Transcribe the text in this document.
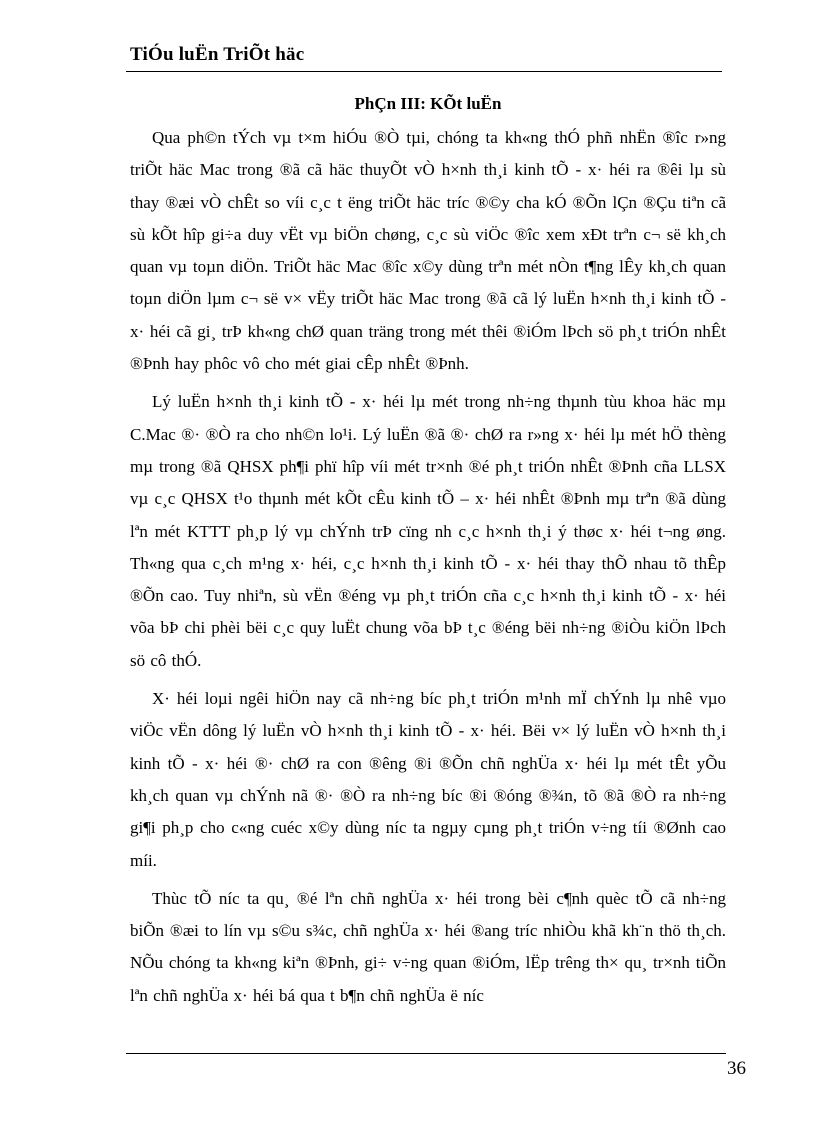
TiÓu luËn TriÕt häc
PhÇn III: KÕt luËn

Qua ph©n tÝch vµ t×m hiÓu ®Ò tµi, chóng ta kh«ng thÓ phñ nhËn ®îc r»ng triÕt häc Mac trong ®ã cã häc thuyÕt vÒ h×nh th¸i kinh tÕ - x· héi ra ®êi lµ sù thay ®æi vÒ chÊt so víi c¸c t ëng triÕt häc tríc ®©y cha kÓ ®Õn lÇn ®Çu tiªn cã sù kÕt hîp gi÷a duy vËt vµ biÖn chøng, c¸c sù viÖc ®îc xem xÐt trªn c¬ së kh¸ch quan vµ toµn diÖn. TriÕt häc Mac ®îc x©y dùng trªn mét nÒn t¶ng lÊy kh¸ch quan toµn diÖn lµm c¬ së v× vËy triÕt häc Mac trong ®ã cã lý luËn h×nh th¸i kinh tÕ - x· héi cã gi¸ trÞ kh«ng chØ quan träng trong mét thêi ®iÓm lÞch sö ph¸t triÓn nhÊt ®Þnh hay phôc vô cho mét giai cÊp nhÊt ®Þnh.

Lý luËn h×nh th¸i kinh tÕ - x· héi lµ mét trong nh÷ng thµnh tùu khoa häc mµ C.Mac ®· ®Ò ra cho nh©n lo¹i. Lý luËn ®ã ®· chØ ra r»ng x· héi lµ mét hÖ thèng mµ trong ®ã QHSX ph¶i phï hîp víi mét tr×nh ®é ph¸t triÓn nhÊt ®Þnh cña LLSX vµ c¸c QHSX t¹o thµnh mét kÕt cÊu kinh tÕ – x· héi nhÊt ®Þnh mµ trªn ®ã dùng lªn mét KTTT ph¸p lý vµ chÝnh trÞ cïng nh c¸c h×nh th¸i ý thøc x· héi t¬ng øng. Th«ng qua c¸ch m¹ng x· héi, c¸c h×nh th¸i kinh tÕ - x· héi thay thÕ nhau tõ thÊp ®Õn cao. Tuy nhiªn, sù vËn ®éng vµ ph¸t triÓn cña c¸c h×nh th¸i kinh tÕ - x· héi võa bÞ chi phèi bëi c¸c quy luËt chung võa bÞ t¸c ®éng bëi nh÷ng ®iÒu kiÖn lÞch sö cô thÓ.

X· héi loµi ngêi hiÖn nay cã nh÷ng bíc ph¸t triÓn m¹nh mÏ chÝnh lµ nhê vµo viÖc vËn dông lý luËn vÒ h×nh th¸i kinh tÕ - x· héi. Bëi v× lý luËn vÒ h×nh th¸i kinh tÕ - x· héi ®· chØ ra con ®êng ®i ®Õn chñ nghÜa x· héi lµ mét tÊt yÕu kh¸ch quan vµ chÝnh nã ®· ®Ò ra nh÷ng bíc ®i ®óng ®¾n, tõ ®ã ®Ò ra nh÷ng gi¶i ph¸p cho c«ng cuéc x©y dùng níc ta ngµy cµng ph¸t triÓn v÷ng tíi ®Ønh cao míi.

Thùc tÕ níc ta qu¸ ®é lªn chñ nghÜa x· héi trong bèi c¶nh quèc tÕ cã nh÷ng biÕn ®æi to lín vµ s©u s¾c, chñ nghÜa x· héi ®ang tríc nhiÒu khã kh¨n thö th¸ch. NÕu chóng ta kh«ng kiªn ®Þnh, gi÷ v÷ng quan ®iÓm, lËp trêng th× qu¸ tr×nh tiÕn lªn chñ nghÜa x· héi bá qua t b¶n chñ nghÜa ë níc

36
